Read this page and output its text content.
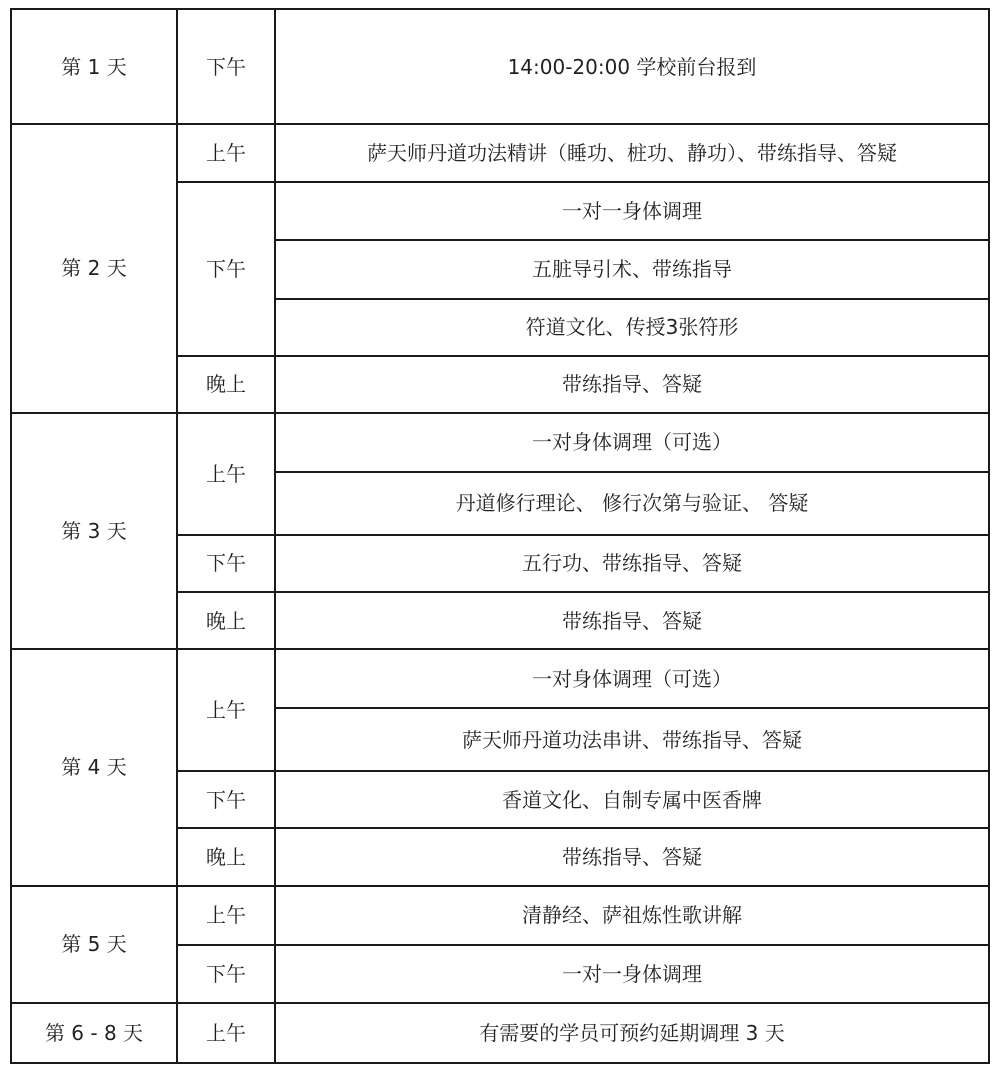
第 1 天	下午	14:00-20:00 学校前台报到
第 2 天	上午	萨天师丹道功法精讲（睡功、桩功、静功）、带练指导、答疑
	下午	一对一身体调理
		五脏导引术、带练指导
		符道文化、传授3张符形
	晚上	带练指导、答疑
第 3 天	上午	一对身体调理（可选）
		丹道修行理论、 修行次第与验证、 答疑
	下午	五行功、带练指导、答疑
	晚上	带练指导、答疑
第 4 天	上午	一对身体调理（可选）
		萨天师丹道功法串讲、带练指导、答疑
	下午	香道文化、自制专属中医香牌
	晚上	带练指导、答疑
第 5 天	上午	清静经、萨祖炼性歌讲解
	下午	一对一身体调理
第 6 - 8 天	上午	有需要的学员可预约延期调理 3 天
